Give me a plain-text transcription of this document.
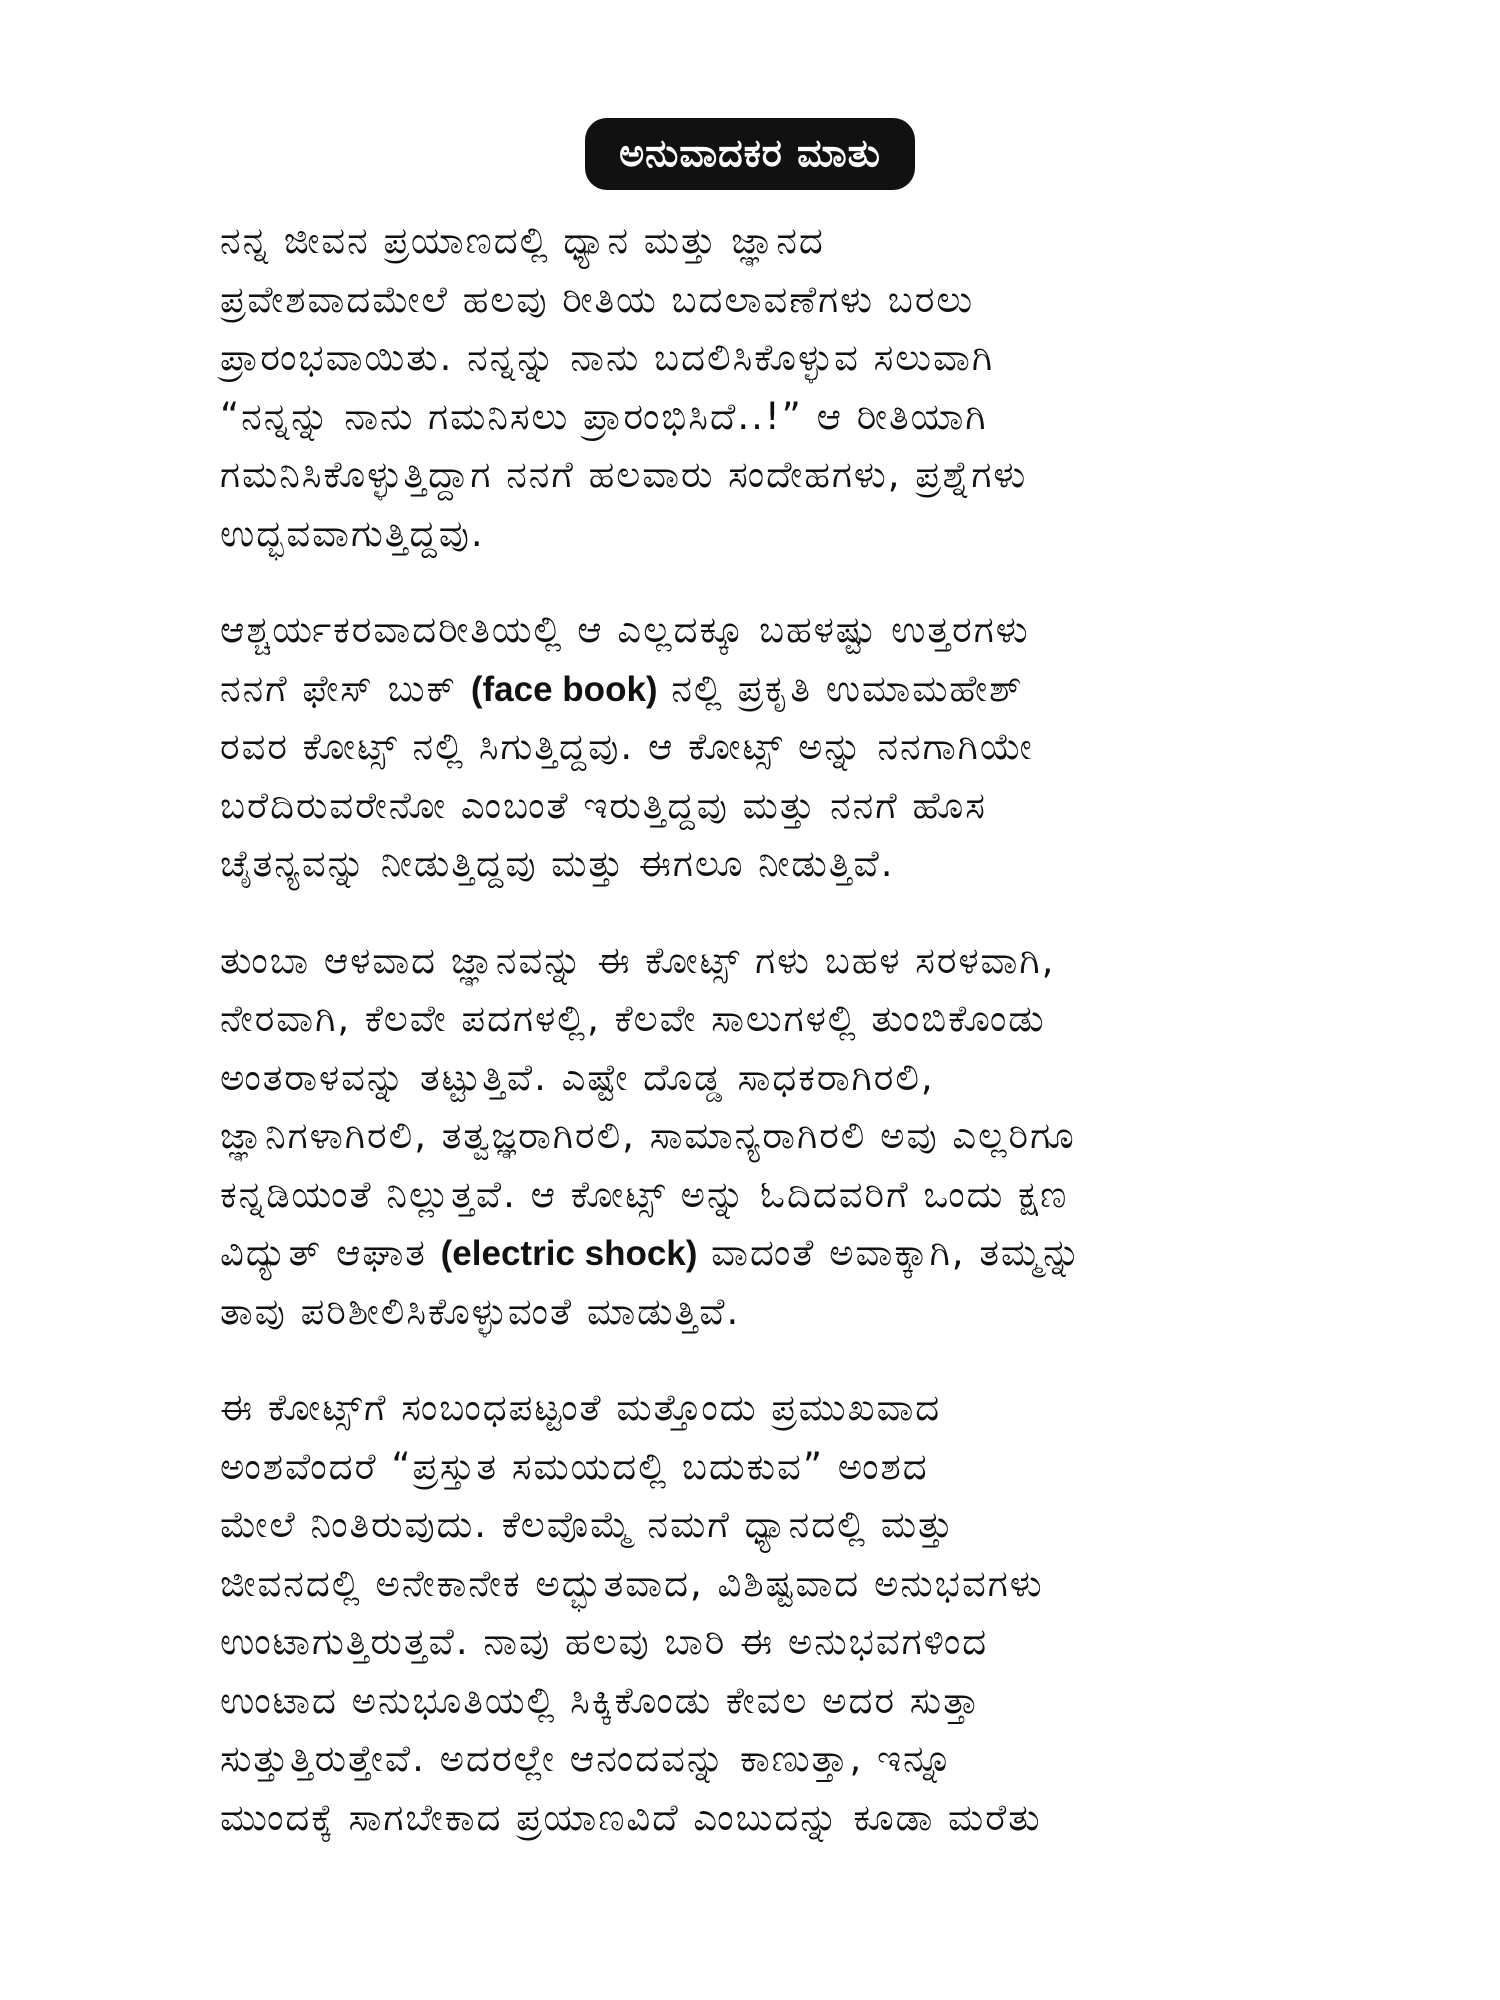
ಅನುವಾದಕರ ಮಾತು
ನನ್ನ ಜೀವನ ಪ್ರಯಾಣದಲ್ಲಿ ಧ್ಯಾನ ಮತ್ತು ಜ್ಞಾನದ
ಪ್ರವೇಶವಾದಮೇಲೆ ಹಲವು ರೀತಿಯ ಬದಲಾವಣೆಗಳು ಬರಲು
ಪ್ರಾರಂಭವಾಯಿತು. ನನ್ನನ್ನು ನಾನು ಬದಲಿಸಿಕೊಳ್ಳುವ ಸಲುವಾಗಿ
“ನನ್ನನ್ನು ನಾನು ಗಮನಿಸಲು ಪ್ರಾರಂಭಿಸಿದೆ..!” ಆ ರೀತಿಯಾಗಿ
ಗಮನಿಸಿಕೊಳ್ಳುತ್ತಿದ್ದಾಗ ನನಗೆ ಹಲವಾರು ಸಂದೇಹಗಳು, ಪ್ರಶ್ನೆಗಳು
ಉದ್ಭವವಾಗುತ್ತಿದ್ದವು.
ಆಶ್ಚರ್ಯಕರವಾದರೀತಿಯಲ್ಲಿ ಆ ಎಲ್ಲದಕ್ಕೂ ಬಹಳಷ್ಟು ಉತ್ತರಗಳು
ನನಗೆ ಫೇಸ್ ಬುಕ್ (face book) ನಲ್ಲಿ ಪ್ರಕೃತಿ ಉಮಾಮಹೇಶ್
ರವರ ಕೋಟ್ಸ್ ನಲ್ಲಿ ಸಿಗುತ್ತಿದ್ದವು. ಆ ಕೋಟ್ಸ್ ಅನ್ನು ನನಗಾಗಿಯೇ
ಬರೆದಿರುವರೇನೋ ಎಂಬಂತೆ ಇರುತ್ತಿದ್ದವು ಮತ್ತು ನನಗೆ ಹೊಸ
ಚೈತನ್ಯವನ್ನು ನೀಡುತ್ತಿದ್ದವು ಮತ್ತು ಈಗಲೂ ನೀಡುತ್ತಿವೆ.
ತುಂಬಾ ಆಳವಾದ ಜ್ಞಾನವನ್ನು ಈ ಕೋಟ್ಸ್ ಗಳು ಬಹಳ ಸರಳವಾಗಿ,
ನೇರವಾಗಿ, ಕೆಲವೇ ಪದಗಳಲ್ಲಿ, ಕೆಲವೇ ಸಾಲುಗಳಲ್ಲಿ ತುಂಬಿಕೊಂಡು
ಅಂತರಾಳವನ್ನು ತಟ್ಟುತ್ತಿವೆ. ಎಷ್ಟೇ ದೊಡ್ಡ ಸಾಧಕರಾಗಿರಲಿ,
ಜ್ಞಾನಿಗಳಾಗಿರಲಿ, ತತ್ವಜ್ಞರಾಗಿರಲಿ, ಸಾಮಾನ್ಯರಾಗಿರಲಿ ಅವು ಎಲ್ಲರಿಗೂ
ಕನ್ನಡಿಯಂತೆ ನಿಲ್ಲುತ್ತವೆ. ಆ ಕೋಟ್ಸ್ ಅನ್ನು ಓದಿದವರಿಗೆ ಒಂದು ಕ್ಷಣ
ವಿದ್ಯುತ್ ಆಘಾತ (electric shock) ವಾದಂತೆ ಅವಾಕ್ಕಾಗಿ, ತಮ್ಮನ್ನು
ತಾವು ಪರಿಶೀಲಿಸಿಕೊಳ್ಳುವಂತೆ ಮಾಡುತ್ತಿವೆ.
ಈ ಕೋಟ್ಸ್‌ಗೆ ಸಂಬಂಧಪಟ್ಟಂತೆ ಮತ್ತೊಂದು ಪ್ರಮುಖವಾದ
ಅಂಶವೆಂದರೆ “ಪ್ರಸ್ತುತ ಸಮಯದಲ್ಲಿ ಬದುಕುವ” ಅಂಶದ
ಮೇಲೆ ನಿಂತಿರುವುದು. ಕೆಲವೊಮ್ಮೆ ನಮಗೆ ಧ್ಯಾನದಲ್ಲಿ ಮತ್ತು
ಜೀವನದಲ್ಲಿ ಅನೇಕಾನೇಕ ಅದ್ಭುತವಾದ, ವಿಶಿಷ್ಟವಾದ ಅನುಭವಗಳು
ಉಂಟಾಗುತ್ತಿರುತ್ತವೆ. ನಾವು ಹಲವು ಬಾರಿ ಈ ಅನುಭವಗಳಿಂದ
ಉಂಟಾದ ಅನುಭೂತಿಯಲ್ಲಿ ಸಿಕ್ಕಿಕೊಂಡು ಕೇವಲ ಅದರ ಸುತ್ತಾ
ಸುತ್ತುತ್ತಿರುತ್ತೇವೆ. ಅದರಲ್ಲೇ ಆನಂದವನ್ನು ಕಾಣುತ್ತಾ, ಇನ್ನೂ
ಮುಂದಕ್ಕೆ ಸಾಗಬೇಕಾದ ಪ್ರಯಾಣವಿದೆ ಎಂಬುದನ್ನು ಕೂಡಾ ಮರೆತು
